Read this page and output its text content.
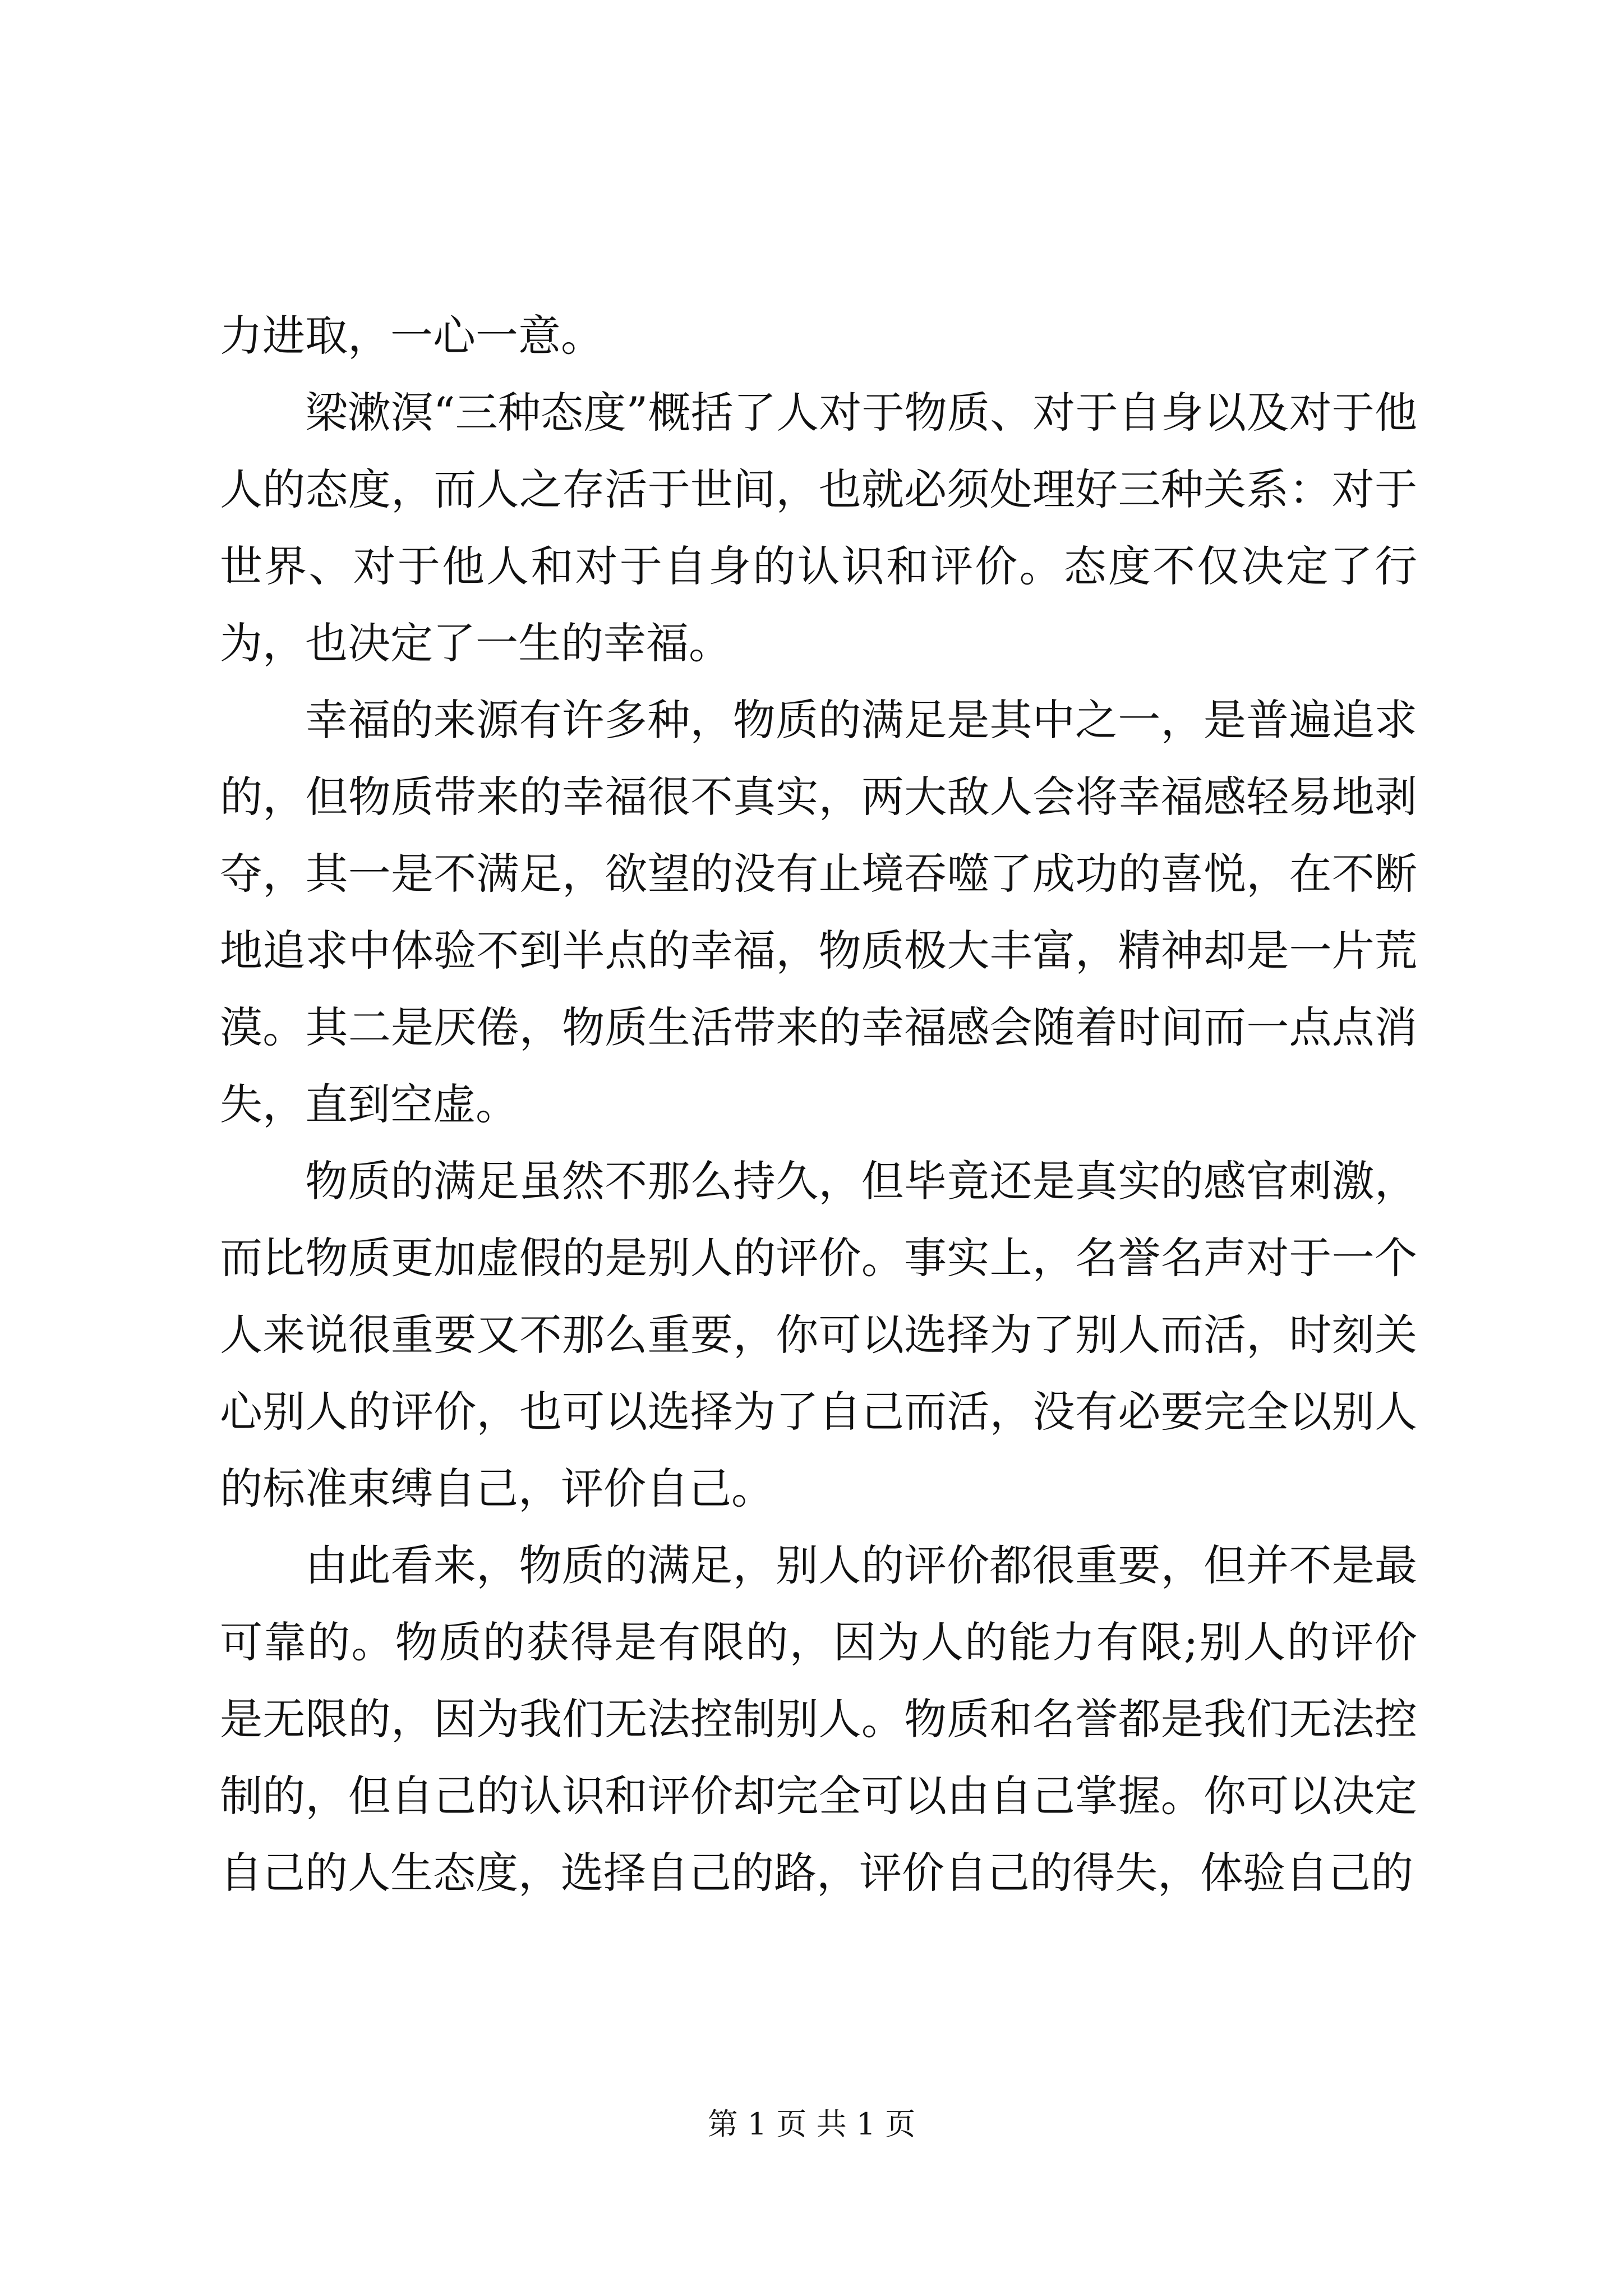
力进取，一心一意。

梁漱溟“三种态度”概括了人对于物质、对于自身以及对于他人的态度，而人之存活于世间，也就必须处理好三种关系：对于世界、对于他人和对于自身的认识和评价。态度不仅决定了行为，也决定了一生的幸福。

幸福的来源有许多种，物质的满足是其中之一，是普遍追求的，但物质带来的幸福很不真实，两大敌人会将幸福感轻易地剥夺，其一是不满足，欲望的没有止境吞噬了成功的喜悦，在不断地追求中体验不到半点的幸福，物质极大丰富，精神却是一片荒漠。其二是厌倦，物质生活带来的幸福感会随着时间而一点点消失，直到空虚。

物质的满足虽然不那么持久，但毕竟还是真实的感官刺激，而比物质更加虚假的是别人的评价。事实上，名誉名声对于一个人来说很重要又不那么重要，你可以选择为了别人而活，时刻关心别人的评价，也可以选择为了自己而活，没有必要完全以别人的标准束缚自己，评价自己。

由此看来，物质的满足，别人的评价都很重要，但并不是最可靠的。物质的获得是有限的，因为人的能力有限;别人的评价是无限的，因为我们无法控制别人。物质和名誉都是我们无法控制的，但自己的认识和评价却完全可以由自己掌握。你可以决定自己的人生态度，选择自己的路，评价自己的得失，体验自己的

第 1 页 共 1 页
